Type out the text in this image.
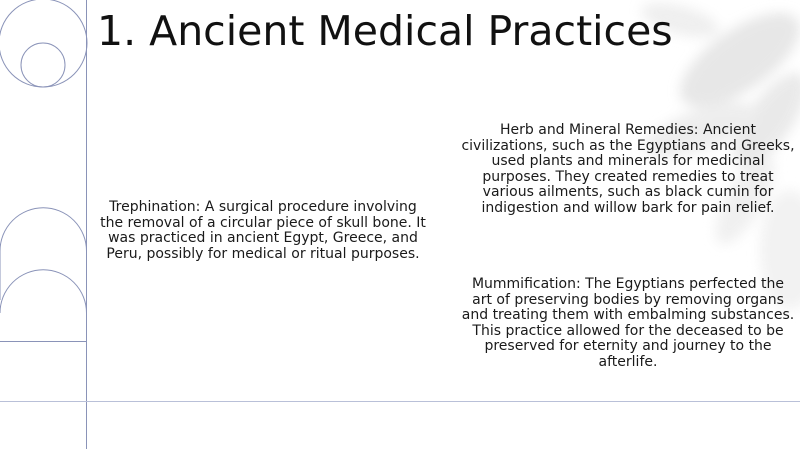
1. Ancient Medical Practices

Trephination: A surgical procedure involving the removal of a circular piece of skull bone. It was practiced in ancient Egypt, Greece, and Peru, possibly for medical or ritual purposes.

Herb and Mineral Remedies: Ancient civilizations, such as the Egyptians and Greeks, used plants and minerals for medicinal purposes. They created remedies to treat various ailments, such as black cumin for indigestion and willow bark for pain relief.

Mummification: The Egyptians perfected the art of preserving bodies by removing organs and treating them with embalming substances. This practice allowed for the deceased to be preserved for eternity and journey to the afterlife.
